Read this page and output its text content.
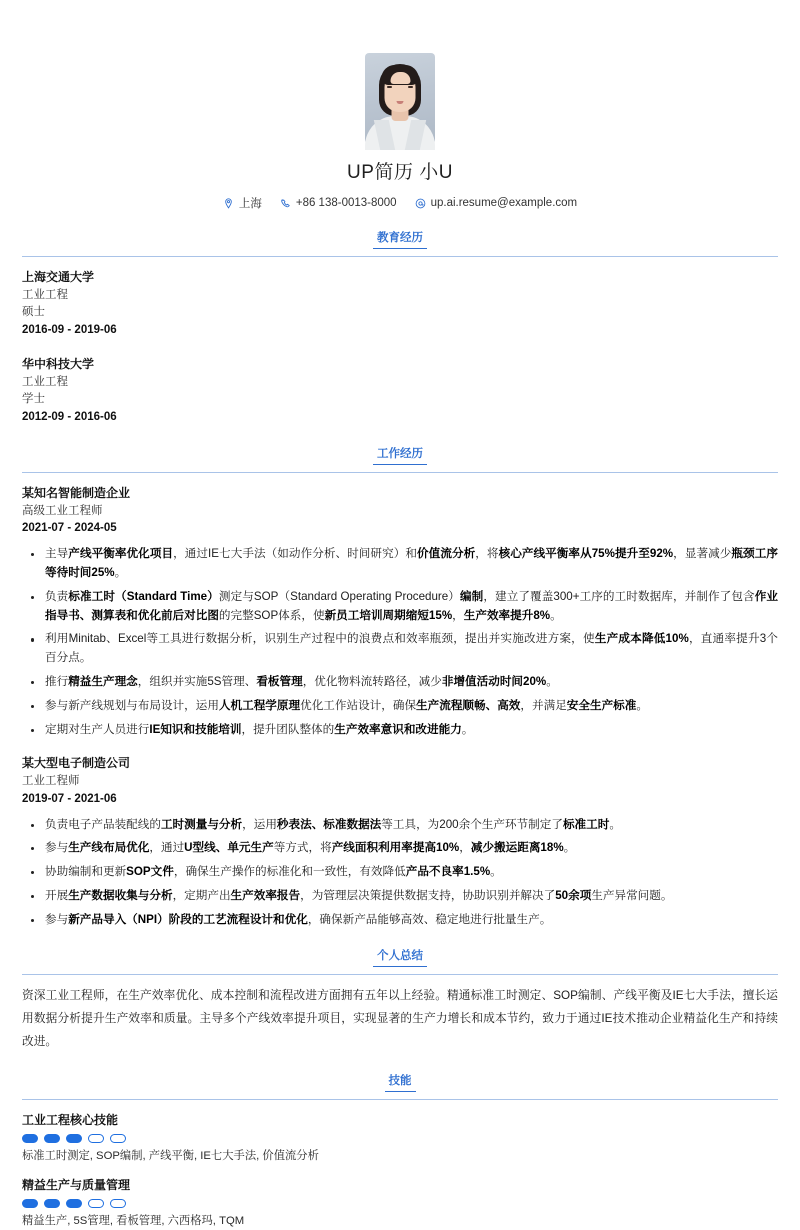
UP简历 小U
上海	+86 138-0013-8000	up.ai.resume@example.com
教育经历
上海交通大学
工业工程
硕士
2016-09 - 2019-06
华中科技大学
工业工程
学士
2012-09 - 2016-06
工作经历
某知名智能制造企业
高级工业工程师
2021-07 - 2024-05
主导产线平衡率优化项目，通过IE七大手法（如动作分析、时间研究）和价值流分析，将核心产线平衡率从75%提升至92%，显著减少瓶颈工序等待时间25%。
负责标准工时（Standard Time）测定与SOP（Standard Operating Procedure）编制，建立了覆盖300+工序的工时数据库，并制作了包含作业指导书、测算表和优化前后对比图的完整SOP体系，使新员工培训周期缩短15%，生产效率提升8%。
利用Minitab、Excel等工具进行数据分析，识别生产过程中的浪费点和效率瓶颈，提出并实施改进方案，使生产成本降低10%，直通率提升3个百分点。
推行精益生产理念，组织并实施5S管理、看板管理，优化物料流转路径，减少非增值活动时间20%。
参与新产线规划与布局设计，运用人机工程学原理优化工作站设计，确保生产流程顺畅、高效，并满足安全生产标准。
定期对生产人员进行IE知识和技能培训，提升团队整体的生产效率意识和改进能力。
某大型电子制造公司
工业工程师
2019-07 - 2021-06
负责电子产品装配线的工时测量与分析，运用秒表法、标准数据法等工具，为200余个生产环节制定了标准工时。
参与生产线布局优化，通过U型线、单元生产等方式，将产线面积利用率提高10%，减少搬运距离18%。
协助编制和更新SOP文件，确保生产操作的标准化和一致性，有效降低产品不良率1.5%。
开展生产数据收集与分析，定期产出生产效率报告，为管理层决策提供数据支持，协助识别并解决了50余项生产异常问题。
参与新产品导入（NPI）阶段的工艺流程设计和优化，确保新产品能够高效、稳定地进行批量生产。
个人总结
资深工业工程师，在生产效率优化、成本控制和流程改进方面拥有五年以上经验。精通标准工时测定、SOP编制、产线平衡及IE七大手法，擅长运用数据分析提升生产效率和质量。主导多个产线效率提升项目，实现显著的生产力增长和成本节约，致力于通过IE技术推动企业精益化生产和持续改进。
技能
工业工程核心技能
标准工时测定, SOP编制, 产线平衡, IE七大手法, 价值流分析
精益生产与质量管理
精益生产, 5S管理, 看板管理, 六西格玛, TQM
